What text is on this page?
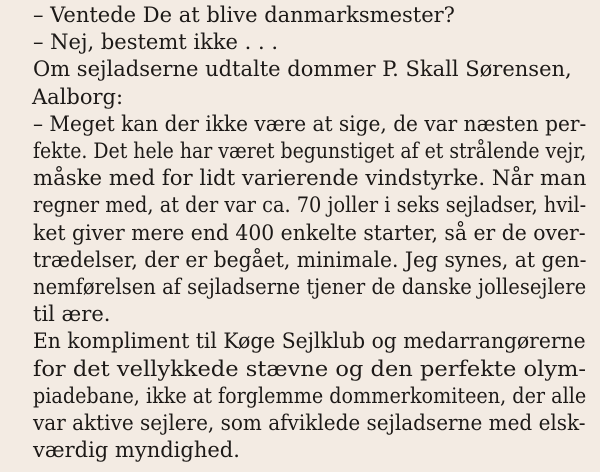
– Ventede De at blive danmarksmester?
– Nej, bestemt ikke . . .
Om sejladserne udtalte dommer P. Skall Sørensen,
Aalborg:
– Meget kan der ikke være at sige, de var næsten per-
fekte. Det hele har været begunstiget af et strålende vejr,
måske med for lidt varierende vindstyrke. Når man
regner med, at der var ca. 70 joller i seks sejladser, hvil-
ket giver mere end 400 enkelte starter, så er de over-
trædelser, der er begået, minimale. Jeg synes, at gen-
nemførelsen af sejladserne tjener de danske jollesejlere
til ære.
En kompliment til Køge Sejlklub og medarrangørerne
for det vellykkede stævne og den perfekte olym-
piadebane, ikke at forglemme dommerkomiteen, der alle
var aktive sejlere, som afviklede sejladserne med elsk-
værdig myndighed.
